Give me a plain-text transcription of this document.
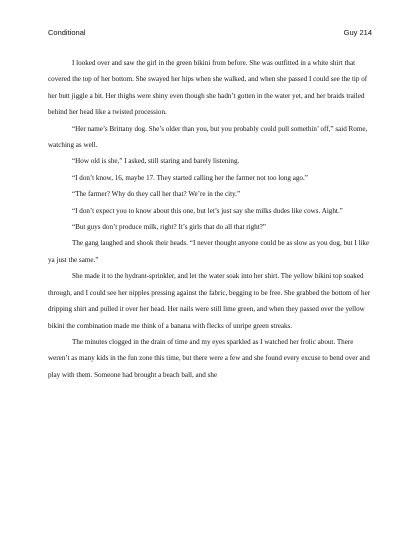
Conditional	Guy 214

I looked over and saw the girl in the green bikini from before. She was outfitted in a white shirt that covered the top of her bottom. She swayed her hips when she walked, and when she passed I could see the tip of her butt jiggle a bit. Her thighs were shiny even though she hadn’t gotten in the water yet, and her braids trailed behind her head like a twisted procession.

“Her name’s Brittany dog. She’s older than you, but you probably could pull somethin’ off,” said Rome, watching as well.

“How old is she,” I asked, still staring and barely listening.

“I don’t know, 16, maybe 17. They started calling her the farmer not too long ago.”

“The farmer? Why do they call her that? We’re in the city.”

“I don’t expect you to know about this one, but let’s just say she milks dudes like cows. Aight.”

“But guys don’t produce milk, right? It’s girls that do all that right?”

The gang laughed and shook their heads. “I never thought anyone could be as slow as you dog, but I like ya just the same.”

She made it to the hydrant-sprinkler, and let the water soak into her shirt. The yellow bikini top soaked through, and I could see her nipples pressing against the fabric, begging to be free. She grabbed the bottom of her dripping shirt and pulled it over her head. Her nails were still lime green, and when they passed over the yellow bikini the combination made me think of a banana with flecks of unripe green streaks.

The minutes clogged in the drain of time and my eyes sparkled as I watched her frolic about. There weren’t as many kids in the fun zone this time, but there were a few and she found every excuse to bend over and play with them. Someone had brought a beach ball, and she
